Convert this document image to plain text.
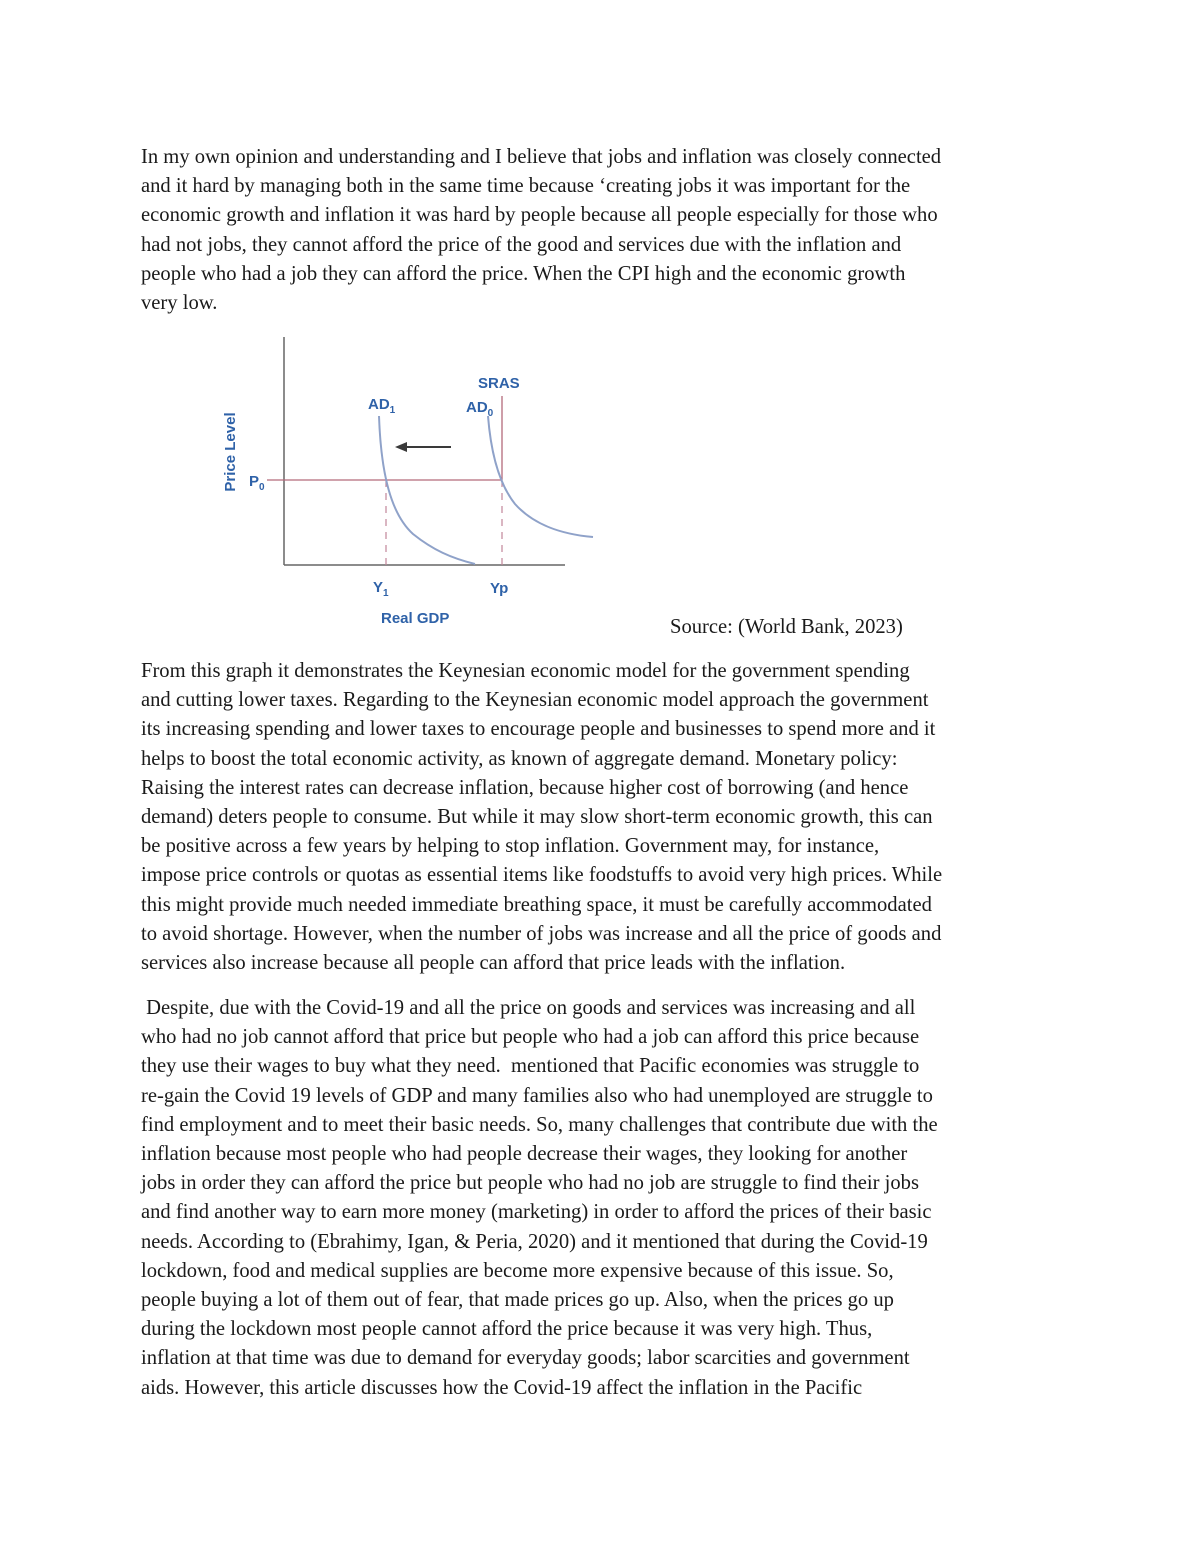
In my own opinion and understanding and I believe that jobs and inflation was closely connected
and it hard by managing both in the same time because ‘creating jobs it was important for the
economic growth and inflation it was hard by people because all people especially for those who
had not jobs, they cannot afford the price of the good and services due with the inflation and
people who had a job they can afford the price. When the CPI high and the economic growth
very low.
Price Level $P_0$
SRAS
$AD_1$	$AD_0$
$Y_1$	Yp
Real GDP	Source: (World Bank, 2023)
From this graph it demonstrates the Keynesian economic model for the government spending
and cutting lower taxes. Regarding to the Keynesian economic model approach the government
its increasing spending and lower taxes to encourage people and businesses to spend more and it
helps to boost the total economic activity, as known of aggregate demand. Monetary policy:
Raising the interest rates can decrease inflation, because higher cost of borrowing (and hence
demand) deters people to consume. But while it may slow short-term economic growth, this can
be positive across a few years by helping to stop inflation. Government may, for instance,
impose price controls or quotas as essential items like foodstuffs to avoid very high prices. While
this might provide much needed immediate breathing space, it must be carefully accommodated
to avoid shortage. However, when the number of jobs was increase and all the price of goods and
services also increase because all people can afford that price leads with the inflation.
Despite, due with the Covid-19 and all the price on goods and services was increasing and all
who had no job cannot afford that price but people who had a job can afford this price because
they use their wages to buy what they need.  mentioned that Pacific economies was struggle to
re-gain the Covid 19 levels of GDP and many families also who had unemployed are struggle to
find employment and to meet their basic needs. So, many challenges that contribute due with the
inflation because most people who had people decrease their wages, they looking for another
jobs in order they can afford the price but people who had no job are struggle to find their jobs
and find another way to earn more money (marketing) in order to afford the prices of their basic
needs. According to (Ebrahimy, Igan, & Peria, 2020) and it mentioned that during the Covid-19
lockdown, food and medical supplies are become more expensive because of this issue. So,
people buying a lot of them out of fear, that made prices go up. Also, when the prices go up
during the lockdown most people cannot afford the price because it was very high. Thus,
inflation at that time was due to demand for everyday goods; labor scarcities and government
aids. However, this article discusses how the Covid-19 affect the inflation in the Pacific
